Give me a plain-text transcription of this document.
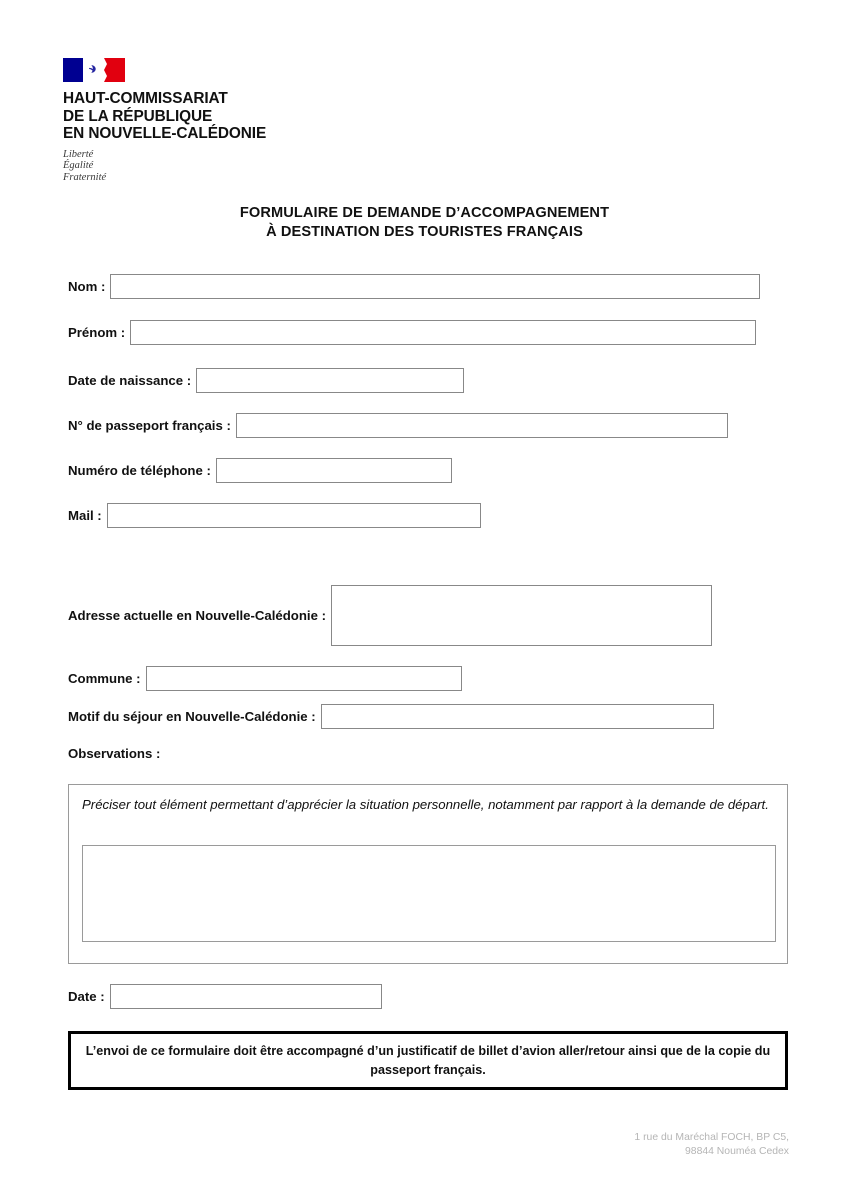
HAUT-COMMISSARIAT
DE LA RÉPUBLIQUE
EN NOUVELLE-CALÉDONIE
Liberté
Égalité
Fraternité
FORMULAIRE DE DEMANDE D’ACCOMPAGNEMENT
À DESTINATION DES TOURISTES FRANÇAIS
Nom :
Prénom :
Date de naissance :
N° de passeport français :
Numéro de téléphone :
Mail :
Adresse actuelle en Nouvelle-Calédonie :
Commune :
Motif du séjour en Nouvelle-Calédonie :
Date :
Observations :
Préciser tout élément permettant d’apprécier la situation personnelle, notamment par rapport à la demande de départ.
L’envoi de ce formulaire doit être accompagné d’un justificatif de billet d’avion aller/retour ainsi que de la copie du passeport français.
1 rue du Maréchal FOCH, BP C5,
98844 Nouméa Cedex
